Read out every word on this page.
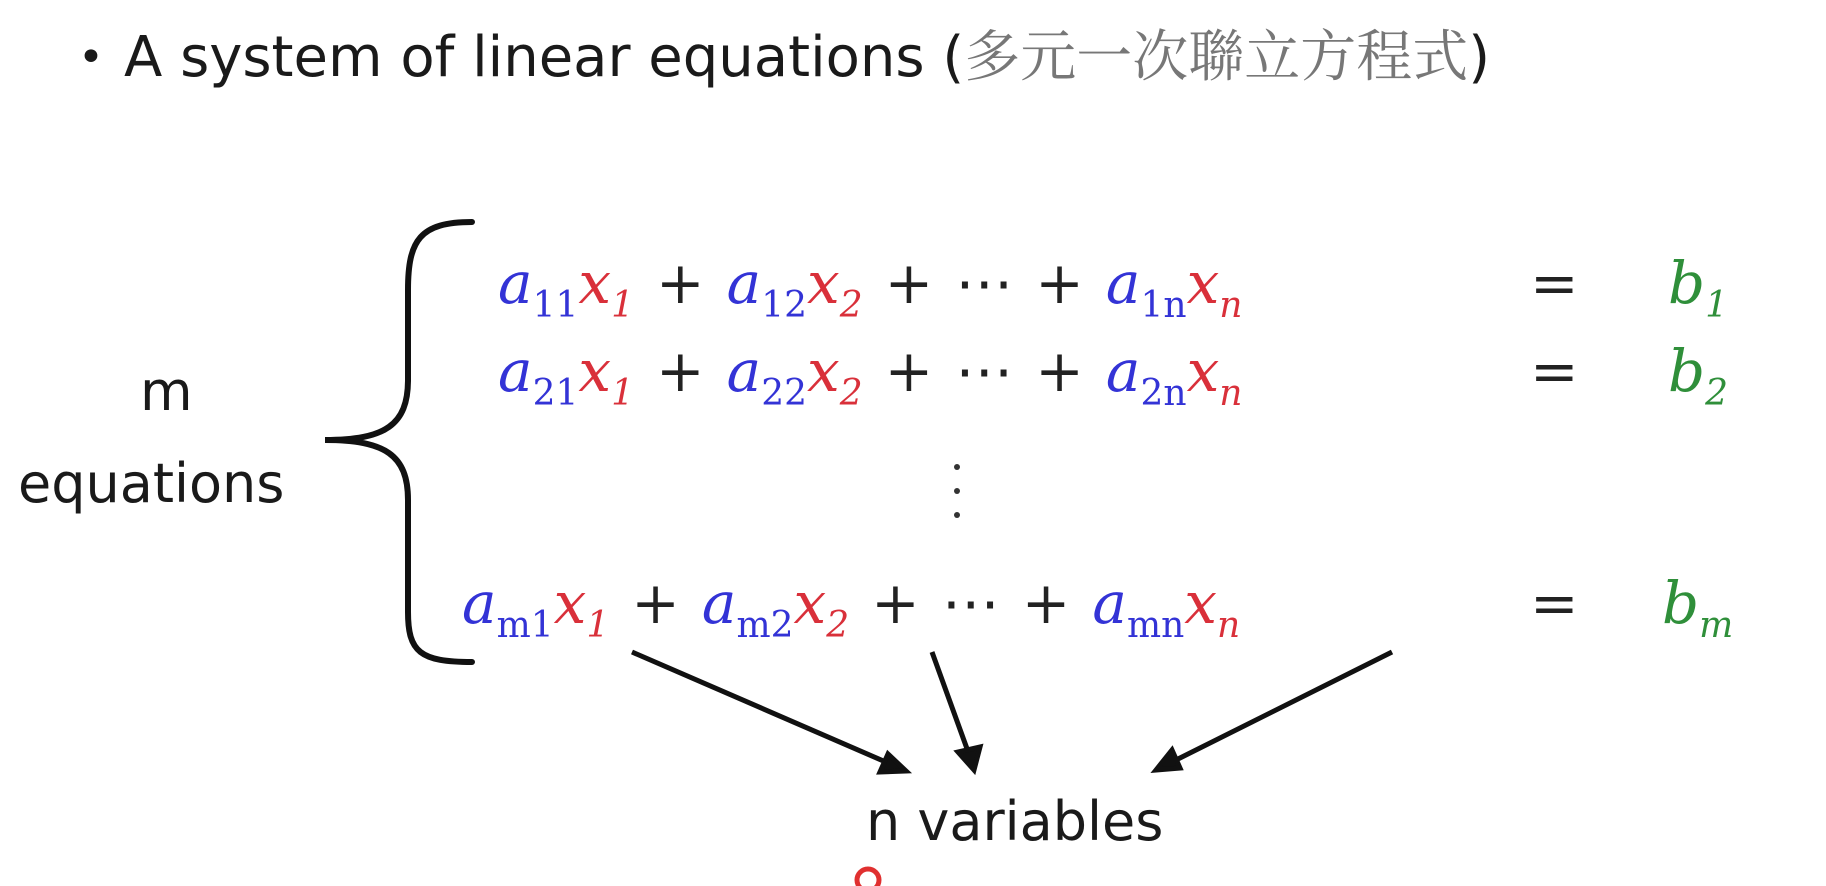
• A system of linear equations (多元一次聯立方程式)
m
equations
$a_{11}x_1 + a_{12}x_2$ + ⋯ + $a_{1n}x_n$
$a_{21}x_1 + a_{22}x_2$ + ⋯ + $a_{2n}x_n$
$a_{m1}x_1 + a_{m2}x_2$ + ⋯ + $a_{mn}x_n$
=
=
=
$b_1$
$b_2$
$b_m$
n variables
